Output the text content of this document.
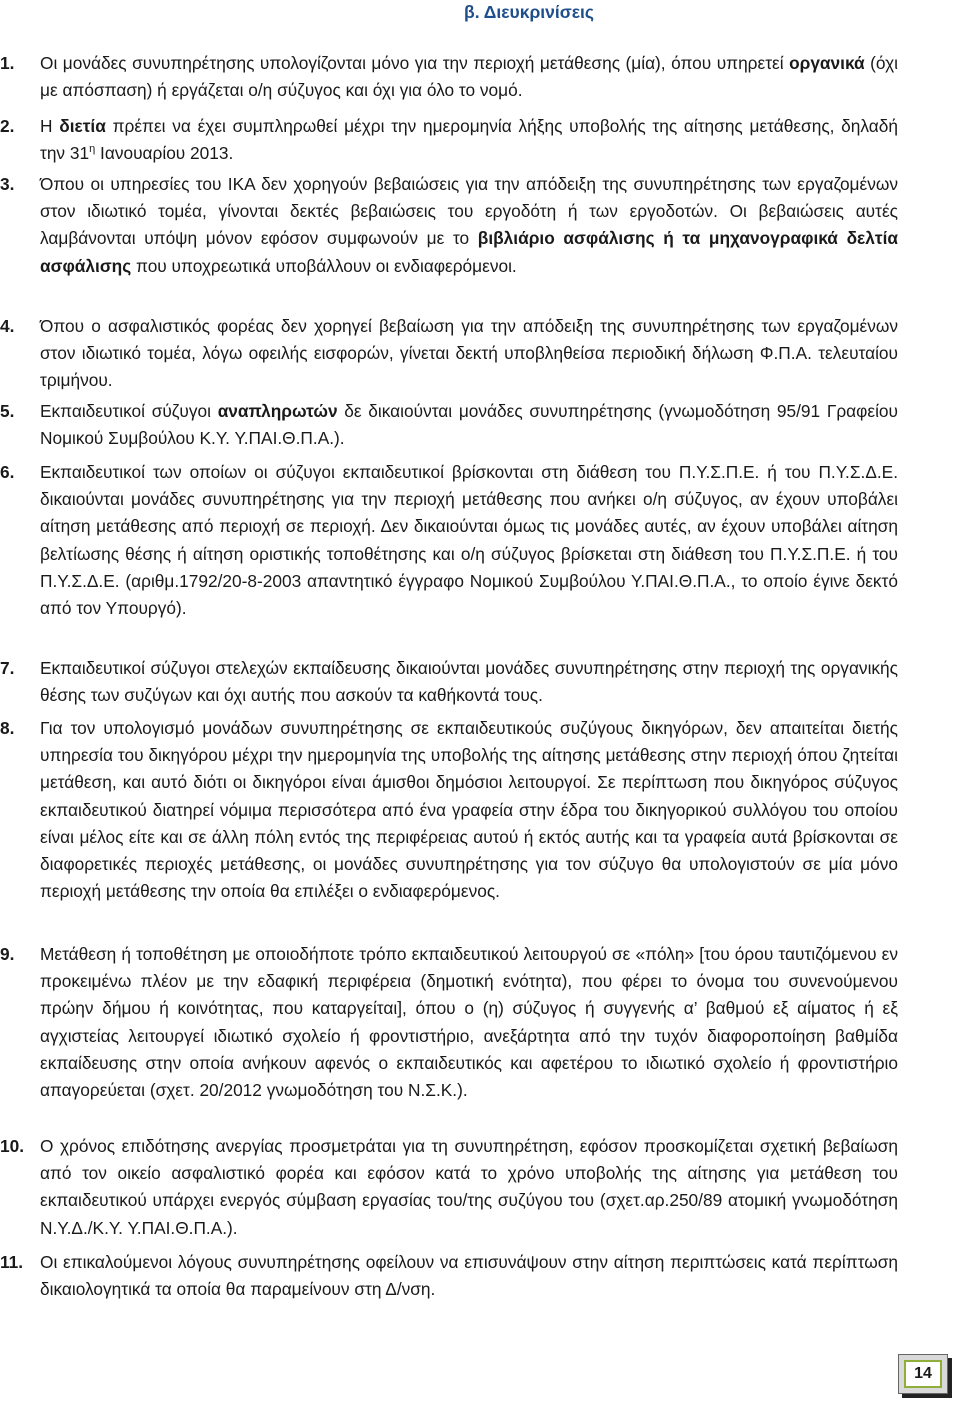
β. Διευκρινίσεις
1.	Οι μονάδες συνυπηρέτησης υπολογίζονται μόνο για την περιοχή μετάθεσης (μία), όπου υπηρετεί οργανικά (όχι με απόσπαση) ή εργάζεται ο/η σύζυγος και όχι για όλο το νομό.
2.	Η διετία πρέπει να έχει συμπληρωθεί μέχρι την ημερομηνία λήξης υποβολής της αίτησης μετάθεσης, δηλαδή την $31^\eta$ Ιανουαρίου 2013.
3.	Όπου οι υπηρεσίες του ΙΚΑ δεν χορηγούν βεβαιώσεις για την απόδειξη της συνυπηρέτησης των εργαζομένων στον ιδιωτικό τομέα, γίνονται δεκτές βεβαιώσεις του εργοδότη ή των εργοδοτών. Οι βεβαιώσεις αυτές λαμβάνονται υπόψη μόνον εφόσον συμφωνούν με το βιβλιάριο ασφάλισης ή τα μηχανογραφικά δελτία ασφάλισης που υποχρεωτικά υποβάλλουν οι ενδιαφερόμενοι.
4.	Όπου ο ασφαλιστικός φορέας δεν χορηγεί βεβαίωση για την απόδειξη της συνυπηρέτησης των εργαζομένων στον ιδιωτικό τομέα, λόγω οφειλής εισφορών, γίνεται δεκτή υποβληθείσα περιοδική δήλωση Φ.Π.Α. τελευταίου τριμήνου.
5.	Εκπαιδευτικοί σύζυγοι αναπληρωτών δε δικαιούνται μονάδες συνυπηρέτησης (γνωμοδότηση 95/91 Γραφείου Νομικού Συμβούλου Κ.Υ. Υ.ΠΑΙ.Θ.Π.Α.).
6.	Εκπαιδευτικοί των οποίων οι σύζυγοι εκπαιδευτικοί βρίσκονται στη διάθεση του Π.Υ.Σ.Π.Ε. ή του Π.Υ.Σ.Δ.Ε. δικαιούνται μονάδες συνυπηρέτησης για την περιοχή μετάθεσης που ανήκει ο/η σύζυγος, αν έχουν υποβάλει αίτηση μετάθεσης από περιοχή σε περιοχή. Δεν δικαιούνται όμως τις μονάδες αυτές, αν έχουν υποβάλει αίτηση βελτίωσης θέσης ή αίτηση οριστικής τοποθέτησης και ο/η σύζυγος βρίσκεται στη διάθεση του Π.Υ.Σ.Π.Ε. ή του Π.Υ.Σ.Δ.Ε. (αριθμ.1792/20-8-2003 απαντητικό έγγραφο Νομικού Συμβούλου Υ.ΠΑΙ.Θ.Π.Α., το οποίο έγινε δεκτό από τον Υπουργό).
7.	Εκπαιδευτικοί σύζυγοι στελεχών εκπαίδευσης δικαιούνται μονάδες συνυπηρέτησης στην περιοχή της οργανικής θέσης των συζύγων και όχι αυτής που ασκούν τα καθήκοντά τους.
8.	Για τον υπολογισμό μονάδων συνυπηρέτησης σε εκπαιδευτικούς συζύγους δικηγόρων, δεν απαιτείται διετής υπηρεσία του δικηγόρου μέχρι την ημερομηνία της υποβολής της αίτησης μετάθεσης στην περιοχή όπου ζητείται μετάθεση, και αυτό διότι οι δικηγόροι είναι άμισθοι δημόσιοι λειτουργοί. Σε περίπτωση που δικηγόρος σύζυγος εκπαιδευτικού διατηρεί νόμιμα περισσότερα από ένα γραφεία στην έδρα του δικηγορικού συλλόγου του οποίου είναι μέλος είτε και σε άλλη πόλη εντός της περιφέρειας αυτού ή εκτός αυτής και τα γραφεία αυτά βρίσκονται σε διαφορετικές περιοχές μετάθεσης, οι μονάδες συνυπηρέτησης για τον σύζυγο θα υπολογιστούν σε μία μόνο περιοχή μετάθεσης την οποία θα επιλέξει ο ενδιαφερόμενος.
9.	Μετάθεση ή τοποθέτηση με οποιοδήποτε τρόπο εκπαιδευτικού λειτουργού σε «πόλη» [του όρου ταυτιζόμενου εν προκειμένω πλέον με την εδαφική περιφέρεια (δημοτική ενότητα), που φέρει το όνομα του συνενούμενου πρώην δήμου ή κοινότητας, που καταργείται], όπου ο (η) σύζυγος ή συγγενής α’ βαθμού εξ αίματος ή εξ αγχιστείας λειτουργεί ιδιωτικό σχολείο ή φροντιστήριο, ανεξάρτητα από την τυχόν διαφοροποίηση βαθμίδα εκπαίδευσης στην οποία ανήκουν αφενός ο εκπαιδευτικός και αφετέρου το ιδιωτικό σχολείο ή φροντιστήριο απαγορεύεται (σχετ. 20/2012 γνωμοδότηση του Ν.Σ.Κ.).
10. Ο χρόνος επιδότησης ανεργίας προσμετράται για τη συνυπηρέτηση, εφόσον προσκομίζεται σχετική βεβαίωση από τον οικείο ασφαλιστικό φορέα και εφόσον κατά το χρόνο υποβολής της αίτησης για μετάθεση του εκπαιδευτικού υπάρχει ενεργός σύμβαση εργασίας του/της συζύγου του (σχετ.αρ.250/89 ατομική γνωμοδότηση Ν.Υ.Δ./Κ.Υ. Υ.ΠΑΙ.Θ.Π.Α.).
11. Οι επικαλούμενοι λόγους συνυπηρέτησης οφείλουν να επισυνάψουν στην αίτηση περιπτώσεις κατά περίπτωση δικαιολογητικά τα οποία θα παραμείνουν στη Δ/νση.
14
